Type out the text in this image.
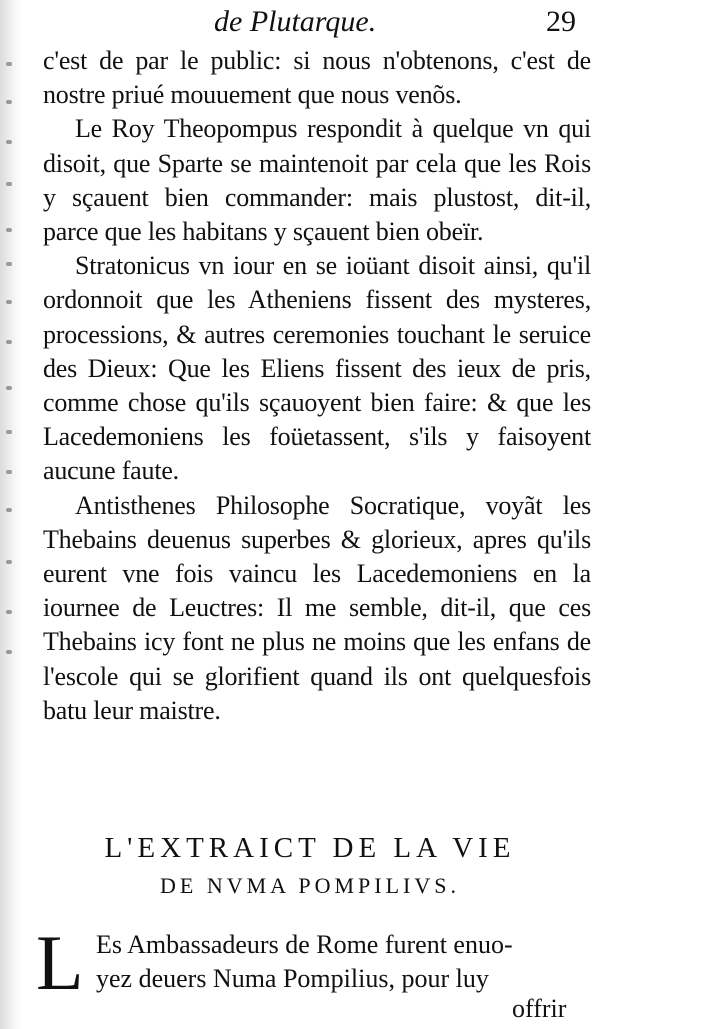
de Plutarque.	29

c'est de par le public: si nous n'obtenons, c'est de nostre priué mouuement que nous venõs.

Le Roy Theopompus respondit à quelque vn qui disoit, que Sparte se maintenoit par cela que les Rois y sçauent bien commander: mais plustost, dit-il, parce que les habitans y sçauent bien obeïr.

Stratonicus vn iour en se ioüant disoit ainsi, qu'il ordonnoit que les Atheniens fissent des mysteres, processions, & autres ceremonies touchant le seruice des Dieux: Que les Eliens fissent des ieux de pris, comme chose qu'ils sçauoyent bien faire: & que les Lacedemoniens les foüetassent, s'ils y faisoyent aucune faute.

Antisthenes Philosophe Socratique, voyãt les Thebains deuenus superbes & glorieux, apres qu'ils eurent vne fois vaincu les Lacedemoniens en la iournee de Leuctres: Il me semble, dit-il, que ces Thebains icy font ne plus ne moins que les enfans de l'escole qui se glorifient quand ils ont quelquesfois batu leur maistre.

L'EXTRAICT DE LA VIE
DE NVMA POMPILIVS.
L Es Ambassadeurs de Rome furent enuo-
yez deuers Numa Pompilius, pour luy
offrir
